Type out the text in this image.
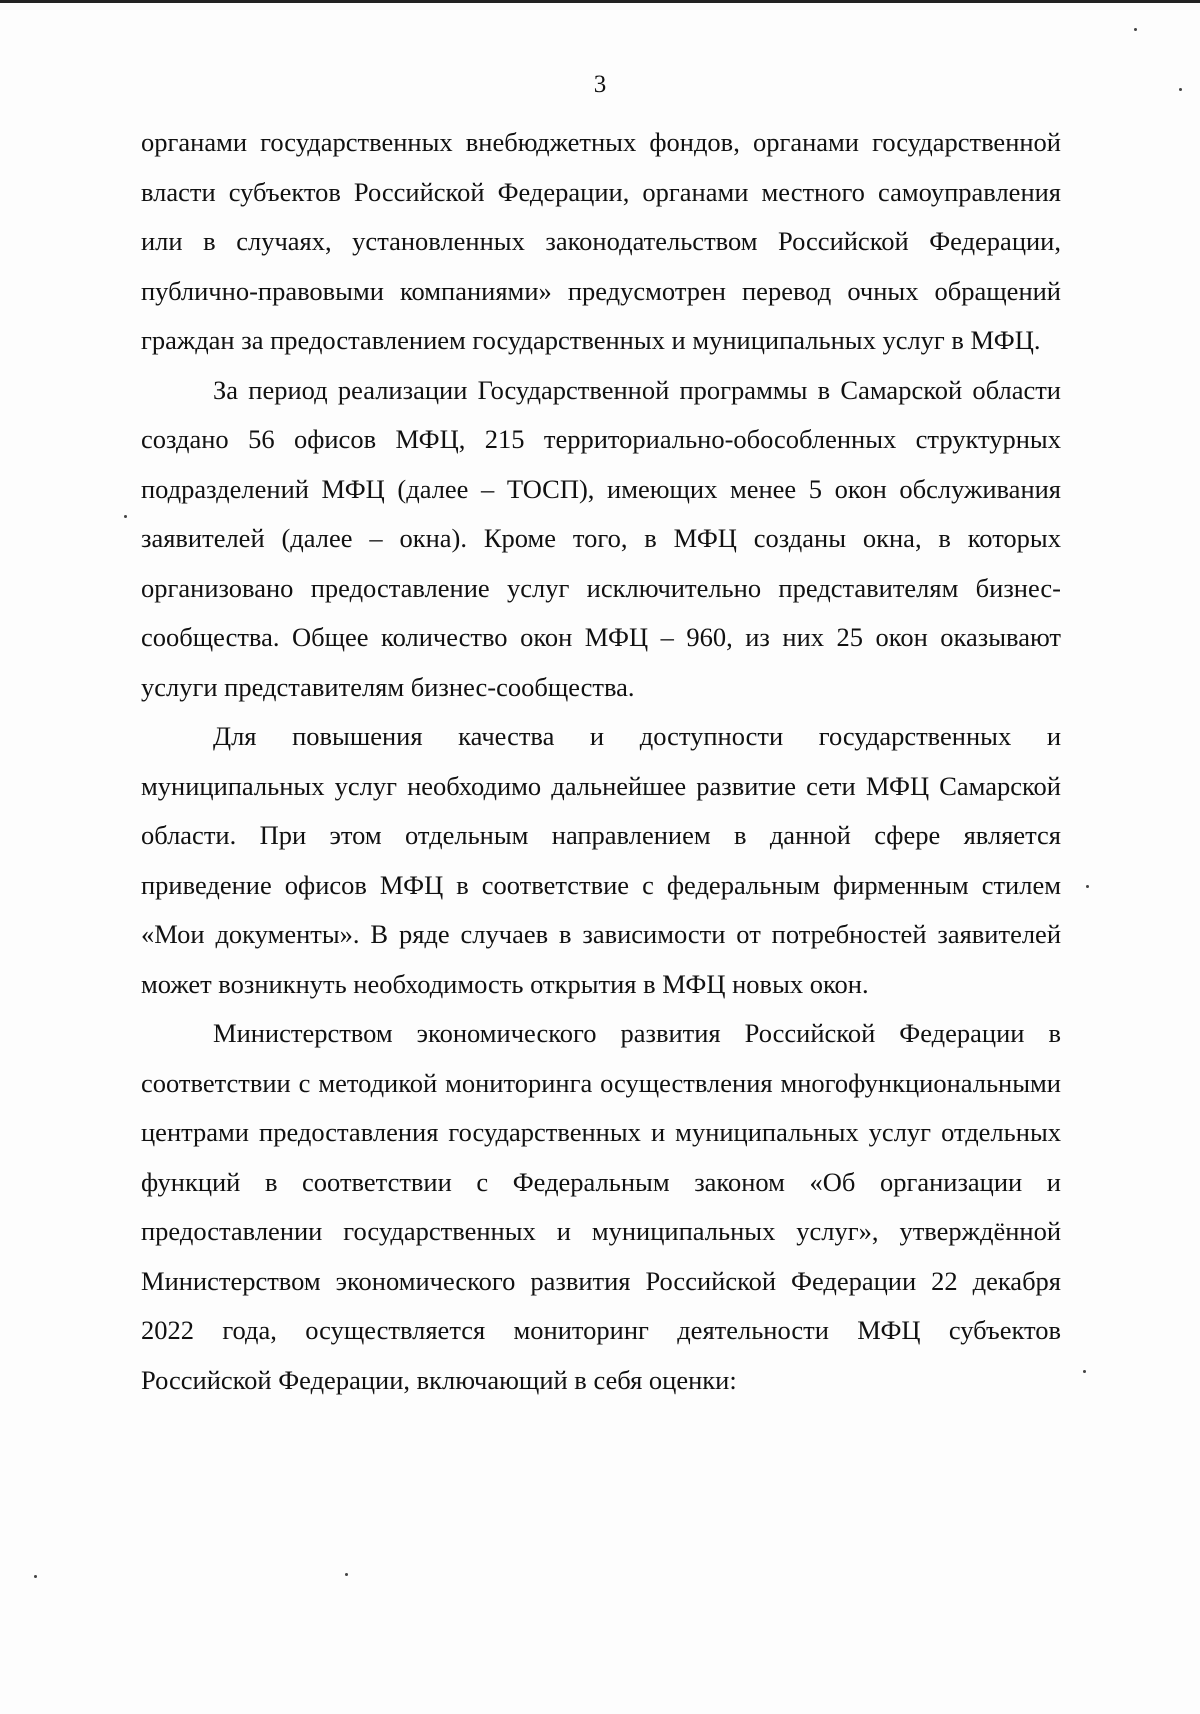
3

органами государственных внебюджетных фондов, органами государственной власти субъектов Российской Федерации, органами местного самоуправления или в случаях, установленных законодательством Российской Федерации, публично-правовыми компаниями» предусмотрен перевод очных обращений граждан за предоставлением государственных и муниципальных услуг в МФЦ.

За период реализации Государственной программы в Самарской области создано 56 офисов МФЦ, 215 территориально-обособленных структурных подразделений МФЦ (далее – ТОСП), имеющих менее 5 окон обслуживания заявителей (далее – окна). Кроме того, в МФЦ созданы окна, в которых организовано предоставление услуг исключительно представителям бизнес-сообщества. Общее количество окон МФЦ – 960, из них 25 окон оказывают услуги представителям бизнес-сообщества.

Для повышения качества и доступности государственных и муниципальных услуг необходимо дальнейшее развитие сети МФЦ Самарской области. При этом отдельным направлением в данной сфере является приведение офисов МФЦ в соответствие с федеральным фирменным стилем «Мои документы». В ряде случаев в зависимости от потребностей заявителей может возникнуть необходимость открытия в МФЦ новых окон.

Министерством экономического развития Российской Федерации в соответствии с методикой мониторинга осуществления многофункциональными центрами предоставления государственных и муниципальных услуг отдельных функций в соответствии с Федеральным законом «Об организации и предоставлении государственных и муниципальных услуг», утверждённой Министерством экономического развития Российской Федерации 22 декабря 2022 года, осуществляется мониторинг деятельности МФЦ субъектов Российской Федерации, включающий в себя оценки:
